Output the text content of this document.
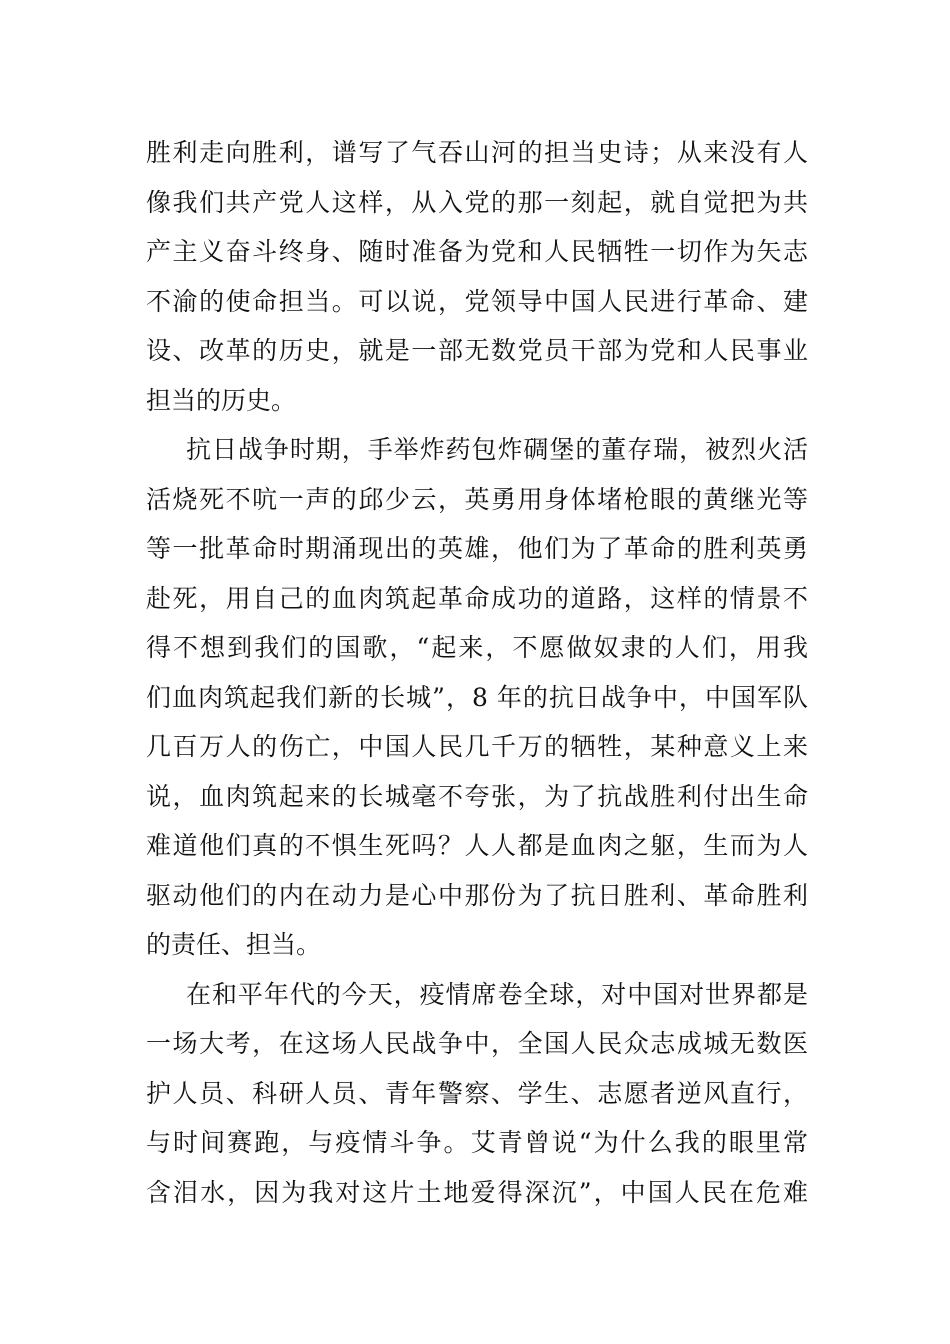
胜利走向胜利，谱写了气吞山河的担当史诗；从来没有人
像我们共产党人这样，从入党的那一刻起，就自觉把为共
产主义奋斗终身、随时准备为党和人民牺牲一切作为矢志
不渝的使命担当。可以说，党领导中国人民进行革命、建
设、改革的历史，就是一部无数党员干部为党和人民事业
担当的历史。
抗日战争时期，手举炸药包炸碉堡的董存瑞，被烈火活
活烧死不吭一声的邱少云，英勇用身体堵枪眼的黄继光等
等一批革命时期涌现出的英雄，他们为了革命的胜利英勇
赴死，用自己的血肉筑起革命成功的道路，这样的情景不
得不想到我们的国歌，“起来，不愿做奴隶的人们，用我
们血肉筑起我们新的长城”，8 年的抗日战争中，中国军队
几百万人的伤亡，中国人民几千万的牺牲，某种意义上来
说，血肉筑起来的长城毫不夸张，为了抗战胜利付出生命
难道他们真的不惧生死吗？人人都是血肉之躯，生而为人
驱动他们的内在动力是心中那份为了抗日胜利、革命胜利
的责任、担当。
在和平年代的今天，疫情席卷全球，对中国对世界都是
一场大考，在这场人民战争中，全国人民众志成城无数医
护人员、科研人员、青年警察、学生、志愿者逆风直行，
与时间赛跑，与疫情斗争。艾青曾说“为什么我的眼里常
含泪水，因为我对这片土地爱得深沉”，中国人民在危难
